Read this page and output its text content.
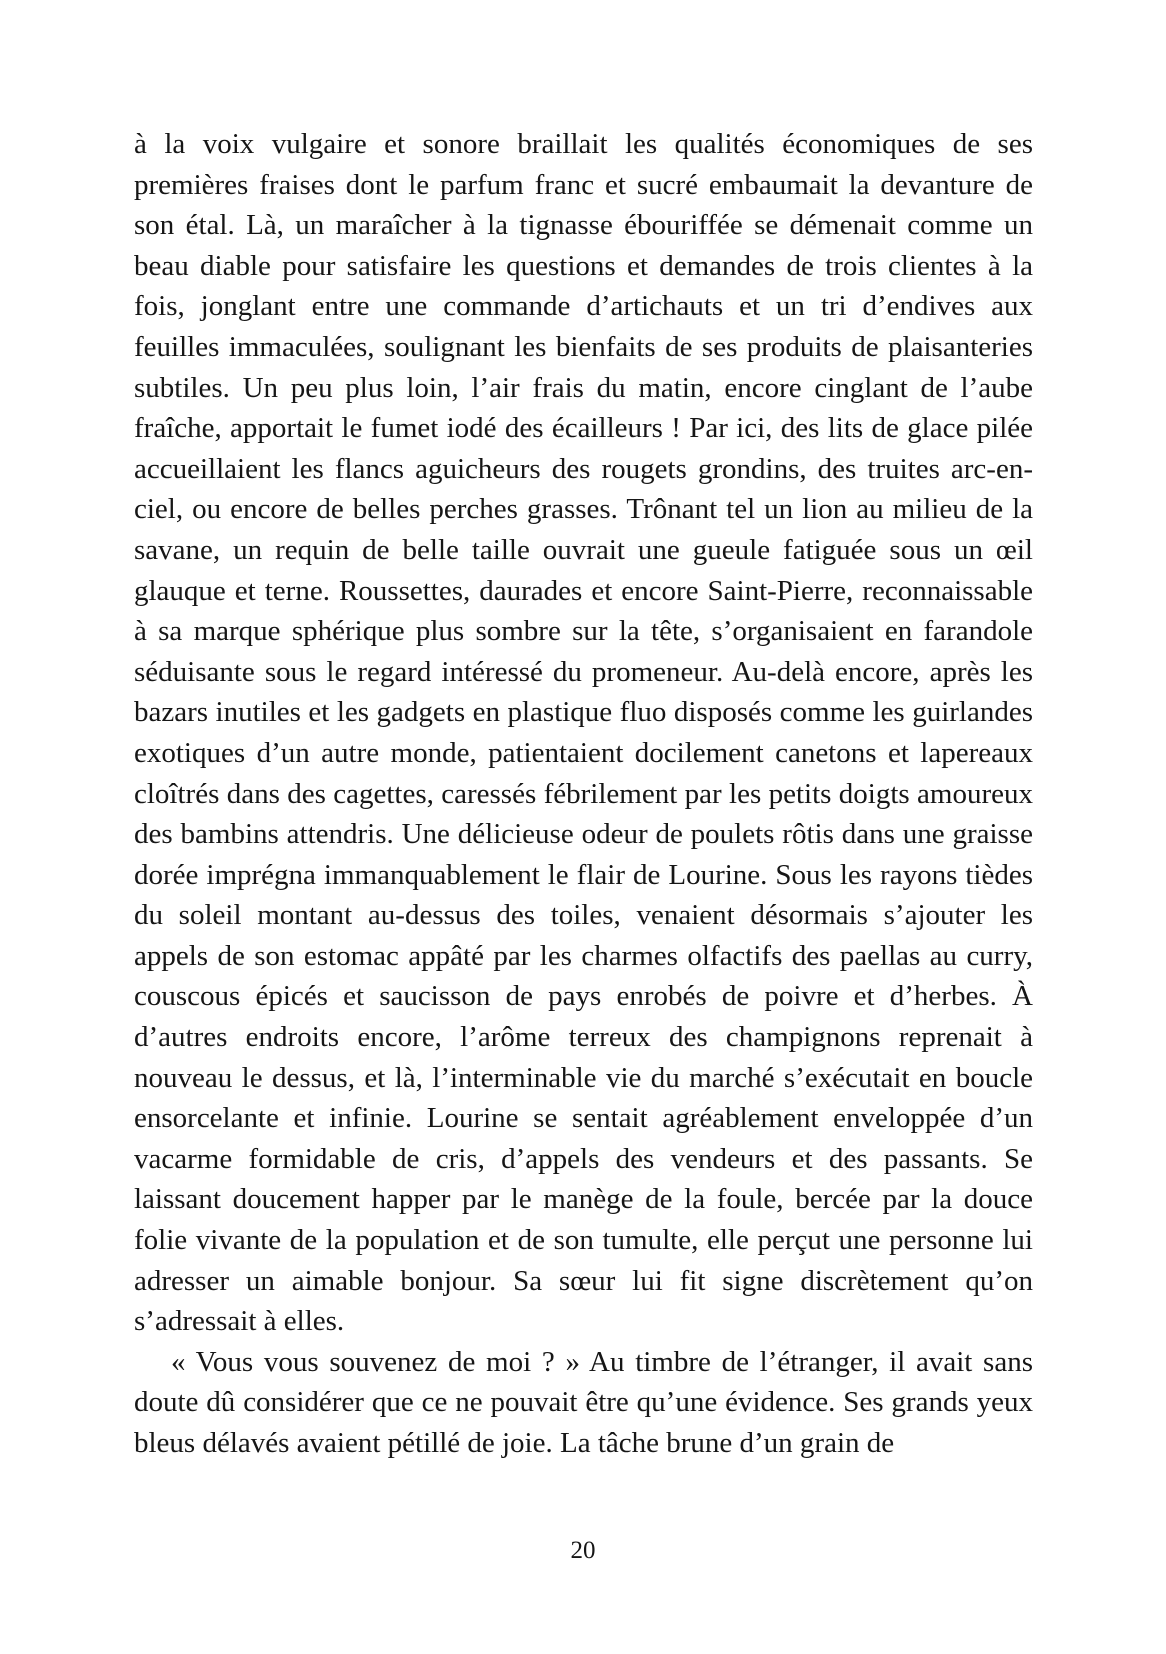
à la voix vulgaire et sonore braillait les qualités économiques de ses premières fraises dont le parfum franc et sucré embaumait la devanture de son étal. Là, un maraîcher à la tignasse ébouriffée se démenait comme un beau diable pour satisfaire les questions et demandes de trois clientes à la fois, jonglant entre une commande d’artichauts et un tri d’endives aux feuilles immaculées, soulignant les bienfaits de ses produits de plaisanteries subtiles. Un peu plus loin, l’air frais du matin, encore cinglant de l’aube fraîche, apportait le fumet iodé des écailleurs ! Par ici, des lits de glace pilée accueillaient les flancs aguicheurs des rougets grondins, des truites arc-en-ciel, ou encore de belles perches grasses. Trônant tel un lion au milieu de la savane, un requin de belle taille ouvrait une gueule fatiguée sous un œil glauque et terne. Roussettes, daurades et encore Saint-Pierre, reconnaissable à sa marque sphérique plus sombre sur la tête, s’organisaient en farandole séduisante sous le regard intéressé du promeneur. Au-delà encore, après les bazars inutiles et les gadgets en plastique fluo disposés comme les guirlandes exotiques d’un autre monde, patientaient docilement canetons et lapereaux cloîtrés dans des cagettes, caressés fébrilement par les petits doigts amoureux des bambins attendris. Une délicieuse odeur de poulets rôtis dans une graisse dorée imprégna immanquablement le flair de Lourine. Sous les rayons tièdes du soleil montant au-dessus des toiles, venaient désormais s’ajouter les appels de son estomac appâté par les charmes olfactifs des paellas au curry, couscous épicés et saucisson de pays enrobés de poivre et d’herbes. À d’autres endroits encore, l’arôme terreux des champignons reprenait à nouveau le dessus, et là, l’interminable vie du marché s’exécutait en boucle ensorcelante et infinie. Lourine se sentait agréablement enveloppée d’un vacarme formidable de cris, d’appels des vendeurs et des passants. Se laissant doucement happer par le manège de la foule, bercée par la douce folie vivante de la population et de son tumulte, elle perçut une personne lui adresser un aimable bonjour. Sa sœur lui fit signe discrètement qu’on s’adressait à elles.

« Vous vous souvenez de moi ? » Au timbre de l’étranger, il avait sans doute dû considérer que ce ne pouvait être qu’une évidence. Ses grands yeux bleus délavés avaient pétillé de joie. La tâche brune d’un grain de

20
